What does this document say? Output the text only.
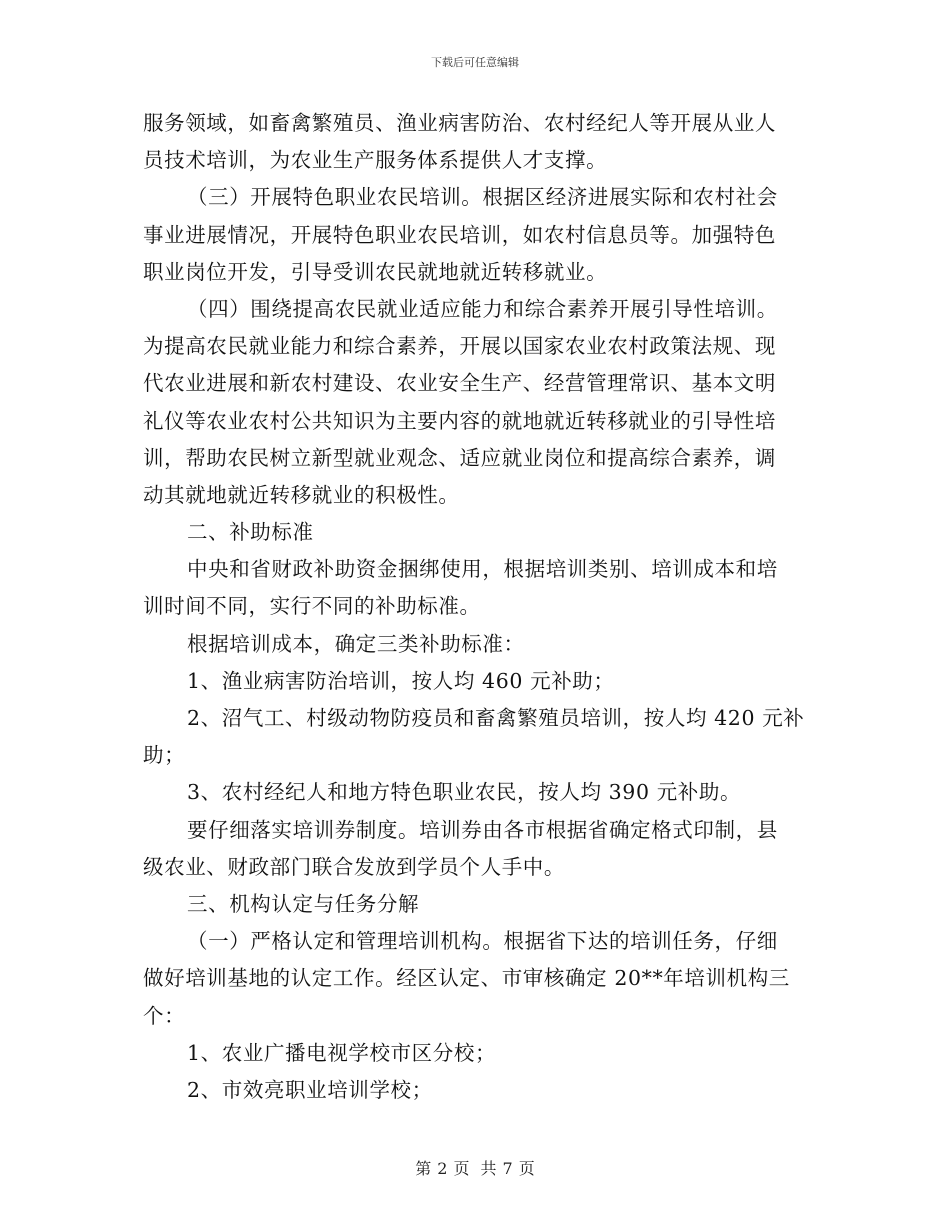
下载后可任意编辑
服务领域，如畜禽繁殖员、渔业病害防治、农村经纪人等开展从业人
员技术培训，为农业生产服务体系提供人才支撑。
（三）开展特色职业农民培训。根据区经济进展实际和农村社会
事业进展情况，开展特色职业农民培训，如农村信息员等。加强特色
职业岗位开发，引导受训农民就地就近转移就业。
（四）围绕提高农民就业适应能力和综合素养开展引导性培训。
为提高农民就业能力和综合素养，开展以国家农业农村政策法规、现
代农业进展和新农村建设、农业安全生产、经营管理常识、基本文明
礼仪等农业农村公共知识为主要内容的就地就近转移就业的引导性培
训，帮助农民树立新型就业观念、适应就业岗位和提高综合素养，调
动其就地就近转移就业的积极性。
二、补助标准
中央和省财政补助资金捆绑使用，根据培训类别、培训成本和培
训时间不同，实行不同的补助标准。
根据培训成本，确定三类补助标准：
1、渔业病害防治培训，按人均 460 元补助；
2、沼气工、村级动物防疫员和畜禽繁殖员培训，按人均 420 元补
助；
3、农村经纪人和地方特色职业农民，按人均 390 元补助。
要仔细落实培训券制度。培训券由各市根据省确定格式印制，县
级农业、财政部门联合发放到学员个人手中。
三、机构认定与任务分解
（一）严格认定和管理培训机构。根据省下达的培训任务，仔细
做好培训基地的认定工作。经区认定、市审核确定 20**年培训机构三
个：
1、农业广播电视学校市区分校；
2、市效亮职业培训学校；
第 2 页 共 7 页
